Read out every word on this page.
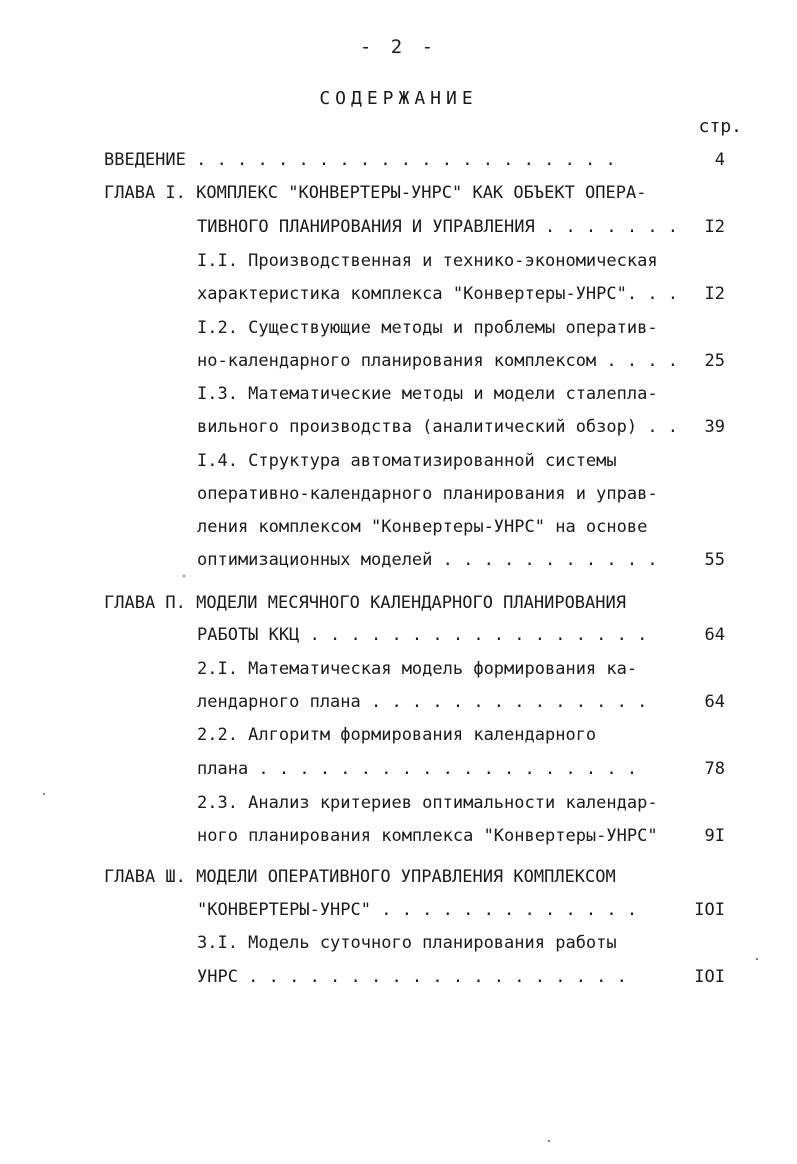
- 2 -
СОДЕРЖАНИЕ
стр.
ВВЕДЕНИЕ . . . . . . . . . . . . . . . . . . . . .	4
ГЛАВА I. КОМПЛЕКС "КОНВЕРТЕРЫ-УНРС" КАК ОБЪЕКТ ОПЕРА-
ТИВНОГО ПЛАНИРОВАНИЯ И УПРАВЛЕНИЯ . . . . . . .	I2
I.I. Производственная и технико-экономическая
характеристика комплекса "Конвертеры-УНРС". . .	I2
I.2. Существующие методы и проблемы оператив-
но-календарного планирования комплексом . . . .	25
I.3. Математические методы и модели сталепла-
вильного производства (аналитический обзор) . .	39
I.4. Структура автоматизированной системы
оперативно-календарного планирования и управ-
ления комплексом "Конвертеры-УНРС" на основе
оптимизационных моделей . . . . . . . . . . .	55
ГЛАВА П. МОДЕЛИ МЕСЯЧНОГО КАЛЕНДАРНОГО ПЛАНИРОВАНИЯ
РАБОТЫ ККЦ . . . . . . . . . . . . . . . . .	64
2.I. Математическая модель формирования ка-
лендарного плана . . . . . . . . . . . . . .	64
2.2. Алгоритм формирования календарного
плана . . . . . . . . . . . . . . . . . . .	78
2.3. Анализ критериев оптимальности календар-
ного планирования комплекса "Конвертеры-УНРС"	9I
ГЛАВА Ш. МОДЕЛИ ОПЕРАТИВНОГО УПРАВЛЕНИЯ КОМПЛЕКСОМ
"КОНВЕРТЕРЫ-УНРС" . . . . . . . . . . . . .	IOI
3.I. Модель суточного планирования работы
УНРС . . . . . . . . . . . . . . . . . . .	IOI
